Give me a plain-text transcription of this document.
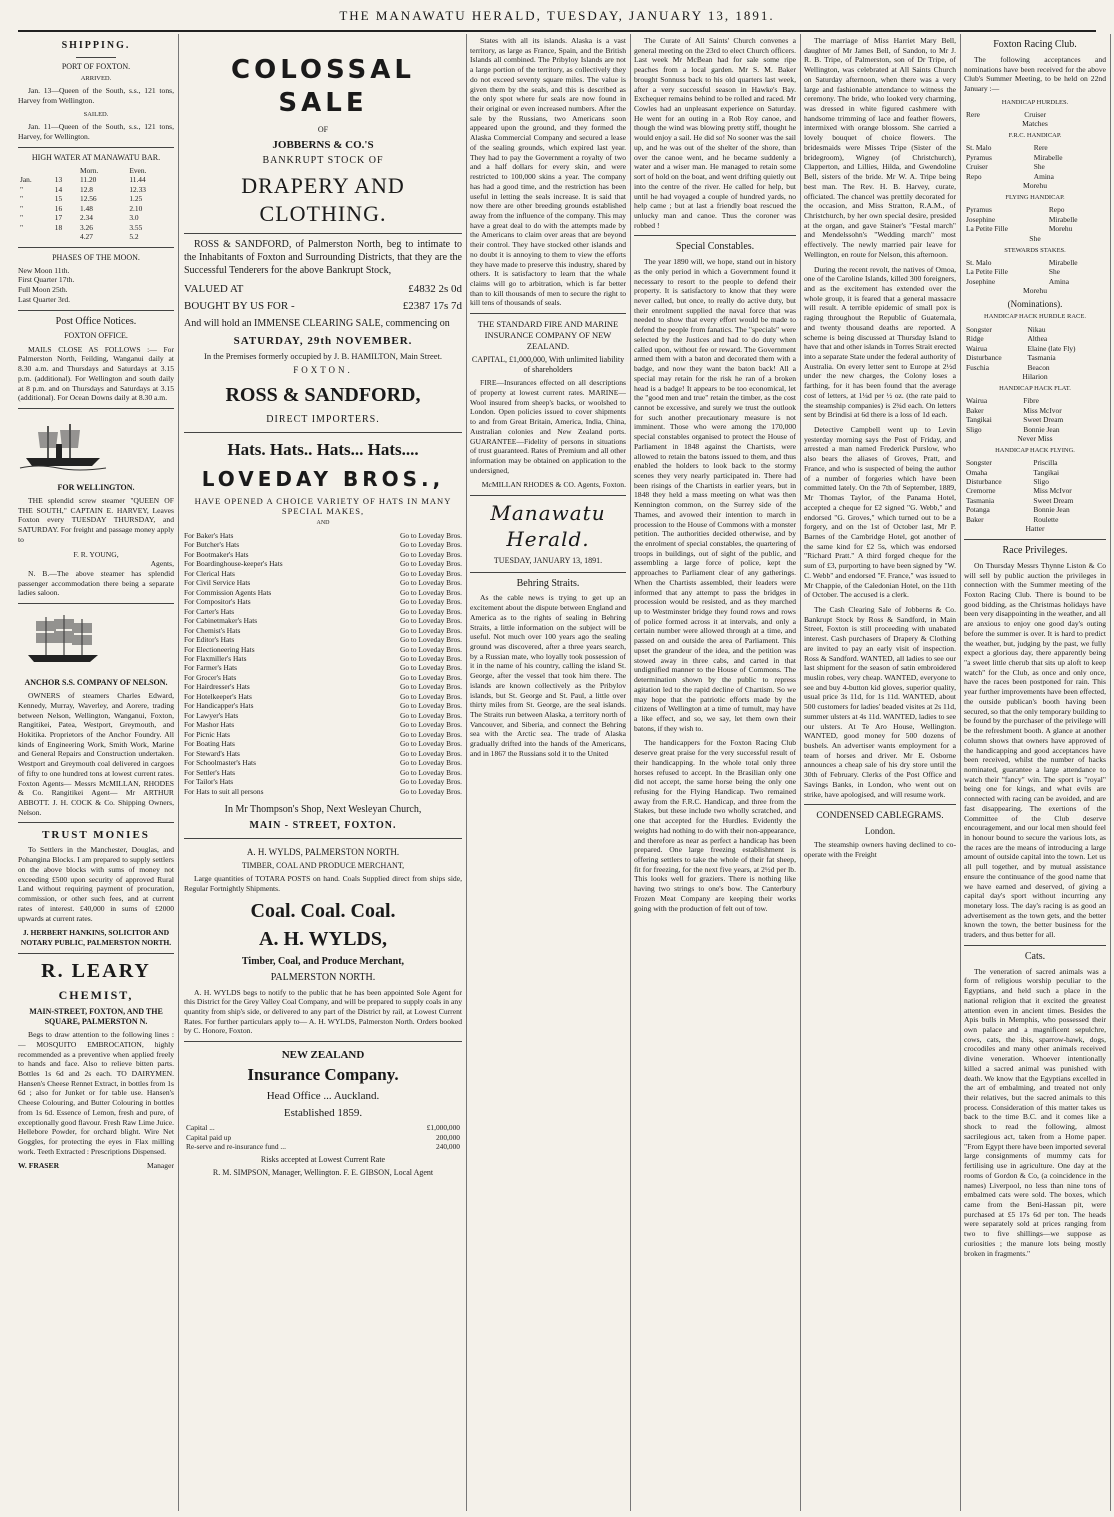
THE MANAWATU HERALD, TUESDAY, JANUARY 13, 1891.
SHIPPING.
PORT OF FOXTON.
ARRIVED.

Jan. 13—Queen of the South, s.s., 121 tons, Harvey from Wellington.

SAILED.

Jan. 11—Queen of the South, s.s., 121 tons, Harvey, for Wellington.

HIGH WATER AT MANAWATU BAR.
		Morn.	Even.
Jan.	13	11.20	11.44
"	14	12.8	12.33
"	15	12.56	1.25
"	16	1.48	2.10
"	17	2.34	3.0
"	18	3.26	3.55
		4.27	5.2
PHASES OF THE MOON.
New Moon 11th.
First Quarter 17th.
Full Moon 25th.
Last Quarter 3rd.
Post Office Notices.
FOXTON OFFICE.

MAILS CLOSE AS FOLLOWS :— For Palmerston North, Feilding, Wanganui daily at 8.30 a.m. and Thursdays and Saturdays at 3.15 p.m. (additional). For Wellington and south daily at 8 p.m. and on Thursdays and Saturdays at 3.15 (additional). For Ocean Downs daily at 8.30 a.m.

FOR WELLINGTON.

THE splendid screw steamer "QUEEN OF THE SOUTH," CAPTAIN E. HARVEY, Leaves Foxton every TUESDAY THURSDAY, and SATURDAY. For freight and passage money apply to

F. R. YOUNG,
Agents,

N. B.—The above steamer has splendid passenger accommodation there being a separate ladies saloon.

ANCHOR S.S. COMPANY OF NELSON.

OWNERS of steamers Charles Edward, Kennedy, Murray, Waverley, and Aorere, trading between Nelson, Wellington, Wanganui, Foxton, Rangitikei, Patea, Westport, Greymouth, and Hokitika. Proprietors of the Anchor Foundry. All kinds of Engineering Work, Smith Work, Marine and General Repairs and Construction undertaken. Westport and Greymouth coal delivered in cargoes of fifty to one hundred tons at lowest current rates. Foxton Agents— Messrs McMILLAN, RHODES & Co. Rangitikei Agent— Mr ARTHUR ABBOTT. J. H. COCK & Co. Shipping Owners, Nelson.

TRUST MONIES

To Settlers in the Manchester, Douglas, and Pohangina Blocks. I am prepared to supply settlers on the above blocks with sums of money not exceeding £500 upon security of approved Rural Land without requiring payment of procuration, commission, or other such fees, and at current rates of interest. £40,000 in sums of £2000 upwards at current rates.

J. HERBERT HANKINS, SOLICITOR AND NOTARY PUBLIC, PALMERSTON NORTH.
R. LEARY
CHEMIST,
MAIN-STREET, FOXTON, AND THE SQUARE, PALMERSTON N.

Begs to draw attention to the following lines :— MOSQUITO EMBROCATION, highly recommended as a preventive when applied freely to hands and face. Also to relieve bitten parts. Bottles 1s 6d and 2s each. TO DAIRYMEN. Hansen's Cheese Rennet Extract, in bottles from 1s 6d ; also for Junket or for table use. Hansen's Cheese Colouring, and Butter Colouring in bottles from 1s 6d. Essence of Lemon, fresh and pure, of exceptionally good flavour. Fresh Raw Lime Juice. Hellebore Powder, for orchard blight. Wire Net Goggles, for protecting the eyes in Flax milling work. Teeth Extracted : Prescriptions Dispensed.

W. FRASER	Manager
COLOSSAL SALE
OF
JOBBERNS & CO.'S
BANKRUPT STOCK OF
DRAPERY AND CLOTHING.

ROSS & SANDFORD, of Palmerston North, beg to intimate to the Inhabitants of Foxton and Surrounding Districts, that they are the Successful Tenderers for the above Bankrupt Stock,

VALUED AT	£4832 2s 0d
BOUGHT BY US FOR -	£2387 17s 7d
And will hold an IMMENSE CLEARING SALE, commencing on
SATURDAY, 29th NOVEMBER.
In the Premises formerly occupied by J. B. HAMILTON, Main Street.
FOXTON.
ROSS & SANDFORD,
DIRECT IMPORTERS.
Hats. Hats.. Hats... Hats....
LOVEDAY BROS.,
HAVE OPENED A CHOICE VARIETY OF HATS IN MANY SPECIAL MAKES,
AND
For Baker's Hats	Go to Loveday Bros.
For Butcher's Hats	Go to Loveday Bros.
For Bootmaker's Hats	Go to Loveday Bros.
For Boardinghouse-keeper's Hats	Go to Loveday Bros.
For Clerical Hats	Go to Loveday Bros.
For Civil Service Hats	Go to Loveday Bros.
For Commission Agents Hats	Go to Loveday Bros.
For Compositor's Hats	Go to Loveday Bros.
For Carter's Hats	Go to Loveday Bros.
For Cabinetmaker's Hats	Go to Loveday Bros.
For Chemist's Hats	Go to Loveday Bros.
For Editor's Hats	Go to Loveday Bros.
For Electioneering Hats	Go to Loveday Bros.
For Flaxmiller's Hats	Go to Loveday Bros.
For Farmer's Hats	Go to Loveday Bros.
For Grocer's Hats	Go to Loveday Bros.
For Hairdresser's Hats	Go to Loveday Bros.
For Hotelkeeper's Hats	Go to Loveday Bros.
For Handicapper's Hats	Go to Loveday Bros.
For Lawyer's Hats	Go to Loveday Bros.
For Mashor Hats	Go to Loveday Bros.
For Picnic Hats	Go to Loveday Bros.
For Boating Hats	Go to Loveday Bros.
For Steward's Hats	Go to Loveday Bros.
For Schoolmaster's Hats	Go to Loveday Bros.
For Settler's Hats	Go to Loveday Bros.
For Tailor's Hats	Go to Loveday Bros.
For Hats to suit all persons	Go to Loveday Bros.
In Mr Thompson's Shop, Next Wesleyan Church,
MAIN - STREET, FOXTON.
A. H. WYLDS, PALMERSTON NORTH.
TIMBER, COAL AND PRODUCE MERCHANT,

Large quantities of TOTARA POSTS on hand. Coals Supplied direct from ships side, Regular Fortnightly Shipments.

Coal. Coal. Coal.
A. H. WYLDS,
Timber, Coal, and Produce Merchant,
PALMERSTON NORTH.

A. H. WYLDS begs to notify to the public that he has been appointed Sole Agent for this District for the Grey Valley Coal Company, and will be prepared to supply coals in any quantity from ship's side, or delivered to any part of the District by rail, at Lowest Current Rates. For further particulars apply to— A. H. WYLDS, Palmerston North. Orders booked by C. Honore, Foxton.

NEW ZEALAND
Insurance Company.
Head Office ... Auckland.
Established 1859.
Capital ...	£1,000,000
Capital paid up	200,000
Re-serve and re-insurance fund ...	240,000
Risks accepted at Lowest Current Rate
R. M. SIMPSON, Manager, Wellington. F. E. GIBSON, Local Agent

States with all its islands. Alaska is a vast territory, as large as France, Spain, and the British Islands all combined. The Pribyloy Islands are not a large portion of the territory, as collectively they do not exceed seventy square miles. The value is given them by the seals, and this is described as the only spot where fur seals are now found in their original or even increased numbers. After the sale by the Russians, two Americans soon appeared upon the ground, and they formed the Alaska Commercial Company and secured a lease of the sealing grounds, which expired last year. They had to pay the Government a royalty of two and a half dollars for every skin, and were restricted to 100,000 skins a year. The company has had a good time, and the restriction has been useful in letting the seals increase. It is said that now there are other breeding grounds established away from the influence of the company. This may have a great deal to do with the attempts made by the Americans to claim over areas that are beyond their control. They have stocked other islands and no doubt it is annoying to them to view the efforts they have made to preserve this industry, shared by others. It is satisfactory to learn that the whale claims will go to arbitration, which is far better than to kill thousands of men to secure the right to kill tens of thousands of seals.

THE STANDARD FIRE AND MARINE INSURANCE COMPANY OF NEW ZEALAND.
CAPITAL, £1,000,000, With unlimited liability of shareholders

FIRE—Insurances effected on all descriptions of property at lowest current rates. MARINE—Wool insured from sheep's backs, or woolshed to London. Open policies issued to cover shipments to and from Great Britain, America, India, China, Australian colonies and New Zealand ports. GUARANTEE—Fidelity of persons in situations of trust guaranteed. Rates of Premium and all other information may be obtained on application to the undersigned,

McMILLAN RHODES & CO. Agents, Foxton.
Manawatu Herald.
TUESDAY, JANUARY 13, 1891.
Behring Straits.

As the cable news is trying to get up an excitement about the dispute between England and America as to the rights of sealing in Behring Straits, a little information on the subject will be useful. Not much over 100 years ago the sealing ground was discovered, after a three years search, by a Russian mate, who loyally took possession of it in the name of his country, calling the island St. George, after the vessel that took him there. The islands are known collectively as the Pribylov islands, but St. George and St. Paul, a little over thirty miles from St. George, are the seal islands. The Straits run between Alaska, a territory north of Vancouver, and Siberia, and connect the Behring sea with the Arctic sea. The trade of Alaska gradually drifted into the hands of the Americans, and in 1867 the Russians sold it to the United

The Curate of All Saints' Church convenes a general meeting on the 23rd to elect Church officers. Last week Mr McBean had for sale some ripe peaches from a local garden. Mr S. M. Baker brought Sonnuss back to his old quarters last week, after a very successful season in Hawke's Bay. Exchequer remains behind to be rolled and raced. Mr Cowles had an unpleasant experience on Saturday. He went for an outing in a Rob Roy canoe, and though the wind was blowing pretty stiff, thought he would enjoy a sail. He did so! No sooner was the sail up, and he was out of the shelter of the shore, than over the canoe went, and he became suddenly a water and a wiser man. He managed to retain some sort of hold on the boat, and went drifting quietly out into the centre of the river. He called for help, but until he had voyaged a couple of hundred yards, no help came ; but at last a friendly boat rescued the unlucky man and canoe. Thus the coroner was robbed !

Special Constables.

The year 1890 will, we hope, stand out in history as the only period in which a Government found it necessary to resort to the people to defend their property. It is satisfactory to know that they were never called, but once, to really do active duty, but their enrolment supplied the naval force that was needed to show that every effort would be made to defend the people from fanatics. The "specials" were selected by the Justices and had to do duty when called upon, without fee or reward. The Government armed them with a baton and decorated them with a badge, and now they want the baton back! All a special may retain for the risk he ran of a broken head is a badge! It appears to be too economical, let the "good men and true" retain the timber, as the cost cannot be excessive, and surely we trust the outlook for such another precautionary measure is not imminent. Those who were among the 170,000 special constables organised to protect the House of Parliament in 1848 against the Chartists, were allowed to retain the batons issued to them, and thus enabled the holders to look back to the stormy scenes they very nearly participated in. There had been risings of the Chartists in earlier years, but in 1848 they held a mass meeting on what was then Kennington common, on the Surrey side of the Thames, and avowed their intention to march in procession to the House of Commons with a monster petition. The authorities decided otherwise, and by the enrolment of special constables, the quartering of troops in buildings, out of sight of the public, and assembling a large force of police, kept the approaches to Parliament clear of any gatherings. When the Chartists assembled, their leaders were informed that any attempt to pass the bridges in procession would be resisted, and as they marched up to Westminster bridge they found rows and rows of police formed across it at intervals, and only a certain number were allowed through at a time, and passed on and outside the area of Parliament. This upset the grandeur of the idea, and the petition was stowed away in three cabs, and carted in that undignified manner to the House of Commons. The determination shown by the public to repress agitation led to the rapid decline of Chartism. So we may hope that the patriotic efforts made by the citizens of Wellington at a time of tumult, may have a like effect, and so, we say, let them own their batons, if they wish to.

The handicappers for the Foxton Racing Club deserve great praise for the very successful result of their handicapping. In the whole total only three horses refused to accept. In the Brasilian only one did not accept, the same horse being the only one refusing for the Flying Handicap. Two remained away from the F.R.C. Handicap, and three from the Stakes, but these include two wholly scratched, and one that accepted for the Hurdles. Evidently the weights had nothing to do with their non-appearance, and therefore as near as perfect a handicap has been prepared. One large freezing establishment is offering settlers to take the whole of their fat sheep, fit for freezing, for the next five years, at 2½d per lb. This looks well for graziers. There is nothing like having two strings to one's bow. The Canterbury Frozen Meat Company are keeping their works going with the production of felt out of tow.

The marriage of Miss Harriet Mary Bell, daughter of Mr James Bell, of Sandon, to Mr J. R. B. Tripe, of Palmerston, son of Dr Tripe, of Wellington, was celebrated at All Saints Church on Saturday afternoon, when there was a very large and fashionable attendance to witness the ceremony. The bride, who looked very charming, was dressed in white figured cashmere with handsome trimming of lace and feather flowers, intermixed with orange blossom. She carried a lovely bouquet of choice flowers. The bridesmaids were Misses Tripe (Sister of the bridegroom), Wigney (of Christchurch), Clapperton, and Lillies, Hilda, and Gwendoline Bell, sisters of the bride. Mr W. A. Tripe being best man. The Rev. H. B. Harvey, curate, officiated. The chancel was prettily decorated for the occasion, and Miss Stratton, R.A.M., of Christchurch, by her own special desire, presided at the organ, and gave Stainer's "Festal march" and Mendelssohn's "Wedding march" most effectively. The newly married pair leave for Wellington, en route for Nelson, this afternoon.

During the recent revolt, the natives of Omoa, one of the Caroline Islands, killed 300 foreigners, and as the excitement has extended over the whole group, it is feared that a general massacre will result. A terrible epidemic of small pox is raging throughout the Republic of Guatemala, and twenty thousand deaths are reported. A scheme is being discussed at Thursday Island to have that and other islands in Torres Strait erected into a separate State under the federal authority of Australia. On every letter sent to Europe at 2½d under the new charges, the Colony loses a farthing, for it has been found that the average cost of letters, at 1¼d per ½ oz. (the rate paid to the steamship companies) is 2¾d each. On letters sent by Brindisi at 6d there is a loss of 1d each.

Detective Campbell went up to Levin yesterday morning says the Post of Friday, and arrested a man named Frederick Purslow, who also bears the aliases of Groves, Pratt, and France, and who is suspected of being the author of a number of forgeries which have been committed lately. On the 7th of September, 1889, Mr Thomas Taylor, of the Panama Hotel, accepted a cheque for £2 signed "G. Webb," and endorsed "G. Groves," which turned out to be a forgery, and on the 1st of October last, Mr P. Barnes of the Cambridge Hotel, got another of the same kind for £2 5s, which was endorsed "Richard Pratt." A third forged cheque for the sum of £3, purporting to have been signed by "W. C. Webb" and endorsed "F. France," was issued to Mr Chappie, of the Caledonian Hotel, on the 11th of October. The accused is a clerk.

The Cash Clearing Sale of Jobberns & Co. Bankrupt Stock by Ross & Sandford, in Main Street, Foxton is still proceeding with unabated interest. Cash purchasers of Drapery & Clothing are invited to pay an early visit of inspection. Ross & Sandford. WANTED, all ladies to see our last shipment for the season of satin embroidered muslin robes, very cheap. WANTED, everyone to see and buy 4-button kid gloves, superior quality, usual price 3s 11d, for 1s 11d. WANTED, about 500 customers for ladies' beaded visites at 2s 11d, summer ulsters at 4s 11d. WANTED, ladies to see our ulsters. At Te Aro House, Wellington. WANTED, good money for 500 dozens of bushels. An advertiser wants employment for a team of horses and driver. Mr E. Osborne announces a cheap sale of his dry store until the 30th of February. Clerks of the Post Office and Savings Banks, in London, who went out on strike, have apologised, and will resume work.

CONDENSED CABLEGRAMS.
London.

The steamship owners having declined to co-operate with the Freight

Foxton Racing Club.

The following acceptances and nominations have been received for the above Club's Summer Meeting, to be held on 22nd January :—

HANDICAP HURDLES.
Rere	Cruiser
Matches
F.R.C. HANDICAP.
St. Malo	Rere
Pyramus	Mirabelle
Cruiser	She
Repo	Amina
Morehu
FLYING HANDICAP.
Pyramus	Repo
Josephine	Mirabelle
La Petite Fille	Morehu
She
STEWARDS STAKES.
St. Malo	Mirabelle
La Petite Fille	She
Josephine	Amina
Morehu
(Nominations).
HANDICAP HACK HURDLE RACE.
Songster	Nikau
Ridge	Althea
Wairua	Elaine (late Fly)
Disturbance	Tasmania
Fuschia	Beacon
Hilarion
HANDICAP HACK FLAT.
Wairua	Fibre
Baker	Miss McIvor
Tangikai	Sweet Dream
Sligo	Bonnie Jean
Never Miss
HANDICAP HACK FLYING.
Songster	Priscilla
Omaha	Tangikai
Disturbance	Sligo
Cremorne	Miss McIvor
Tasmania	Sweet Dream
Potanga	Bonnie Jean
Baker	Roulette
Hatter
Race Privileges.

On Thursday Messrs Thynne Liston & Co will sell by public auction the privileges in connection with the Summer meeting of the Foxton Racing Club. There is bound to be good bidding, as the Christmas holidays have been very disappointing in the weather, and all are anxious to enjoy one good day's outing before the summer is over. It is hard to predict the weather, but, judging by the past, we fully expect a glorious day, there apparently being "a sweet little cherub that sits up aloft to keep watch" for the Club, as once and only once, have the races been postponed for rain. This year further improvements have been effected, the outside publican's booth having been secured, so that the only temporary building to be found by the purchaser of the privilege will be the refreshment booth. A glance at another column shows that owners have approved of the handicapping and good acceptances have been received, whilst the number of hacks nominated, guarantee a large attendance to watch their "fancy" win. The sport is "royal" being one for kings, and what evils are connected with racing can be avoided, and are fast disappearing. The exertions of the Committee of the Club deserve encouragement, and our local men should feel in honour bound to secure the various lots, as the races are the means of introducing a large amount of outside capital into the town. Let us all pull together, and by mutual assistance ensure the continuance of the good name that we have earned and deserved, of giving a capital day's sport without incurring any monetary loss. The day's racing is as good an advertisement as the town gets, and the better known the town, the better business for the traders, and thus better for all.

Cats.

The veneration of sacred animals was a form of religious worship peculiar to the Egyptians, and held such a place in the national religion that it excited the greatest attention even in ancient times. Besides the Apis bulls in Memphis, who possessed their own palace and a magnificent sepulchre, cows, cats, the ibis, sparrow-hawk, dogs, crocodiles and many other animals received divine veneration. Whoever intentionally killed a sacred animal was punished with death. We know that the Egyptians excelled in the art of embalming, and treated not only their relatives, but the sacred animals to this process. Consideration of this matter takes us back to the time B.C. and it comes like a shock to read the following, almost sacrilegious act, taken from a Home paper. "From Egypt there have been imported several large consignments of mummy cats for fertilising use in agriculture. One day at the rooms of Gordon & Co, (a coincidence in the names) Liverpool, no less than nine tons of embalmed cats were sold. The boxes, which came from the Beni-Hassan pit, were purchased at £5 17s 6d per ton. The heads were separately sold at prices ranging from two to five shillings—we suppose as curiosities ; the manure lots being mostly broken in fragments."
